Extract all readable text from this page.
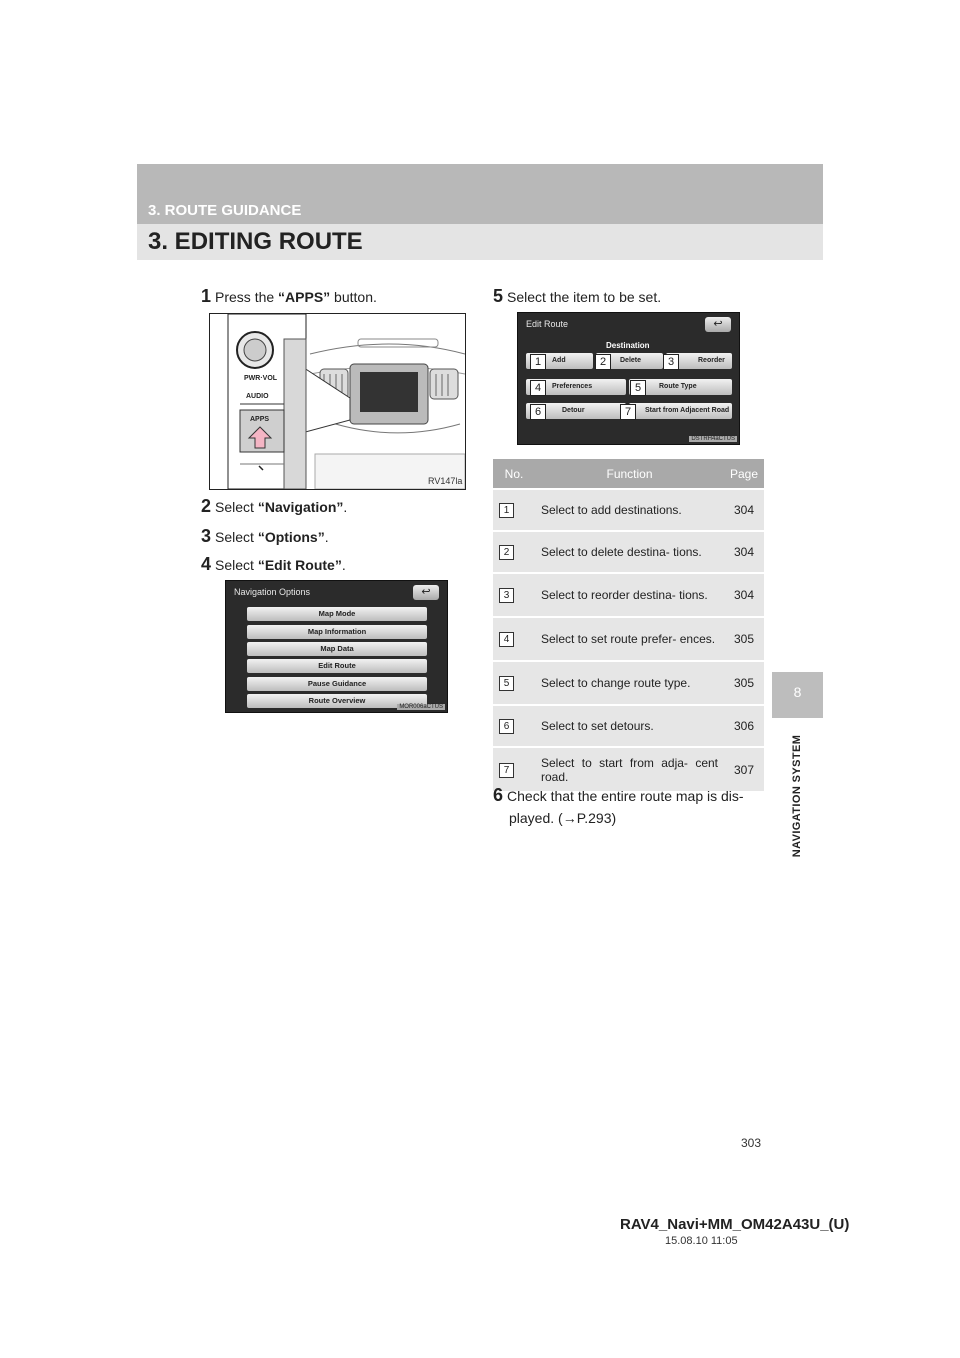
3. ROUTE GUIDANCE
3. EDITING ROUTE
8
NAVIGATION SYSTEM
1 Press the “APPS” button.
PWR·VOL
AUDIO
APPS
RV147la
2 Select “Navigation”.
3 Select “Options”.
4 Select “Edit Route”.
Navigation Options	↩
Map Mode
Map Information
Map Data
Edit Route
Pause Guidance
Route Overview
MOR006aCTUS
5 Select the item to be set.
Edit Route	↩
Destination
Add	Delete	Reorder
Preferences	Route Type
Detour	Start from Adjacent Road
1	2	3
4	5
6	7
DSTRH4aCTUS
No.	Function	Page
1	Select to add destinations.	304
2	Select to delete destina- tions.	304
3	Select to reorder destina- tions.	304
4	Select to set route prefer- ences.	305
5	Select to change route type.	305
6	Select to set detours.	306
7	Select to start from adja- cent road.	307
6 Check that the entire route map is dis-
played. (→P.293)
303
RAV4_Navi+MM_OM42A43U_(U)
15.08.10 11:05
